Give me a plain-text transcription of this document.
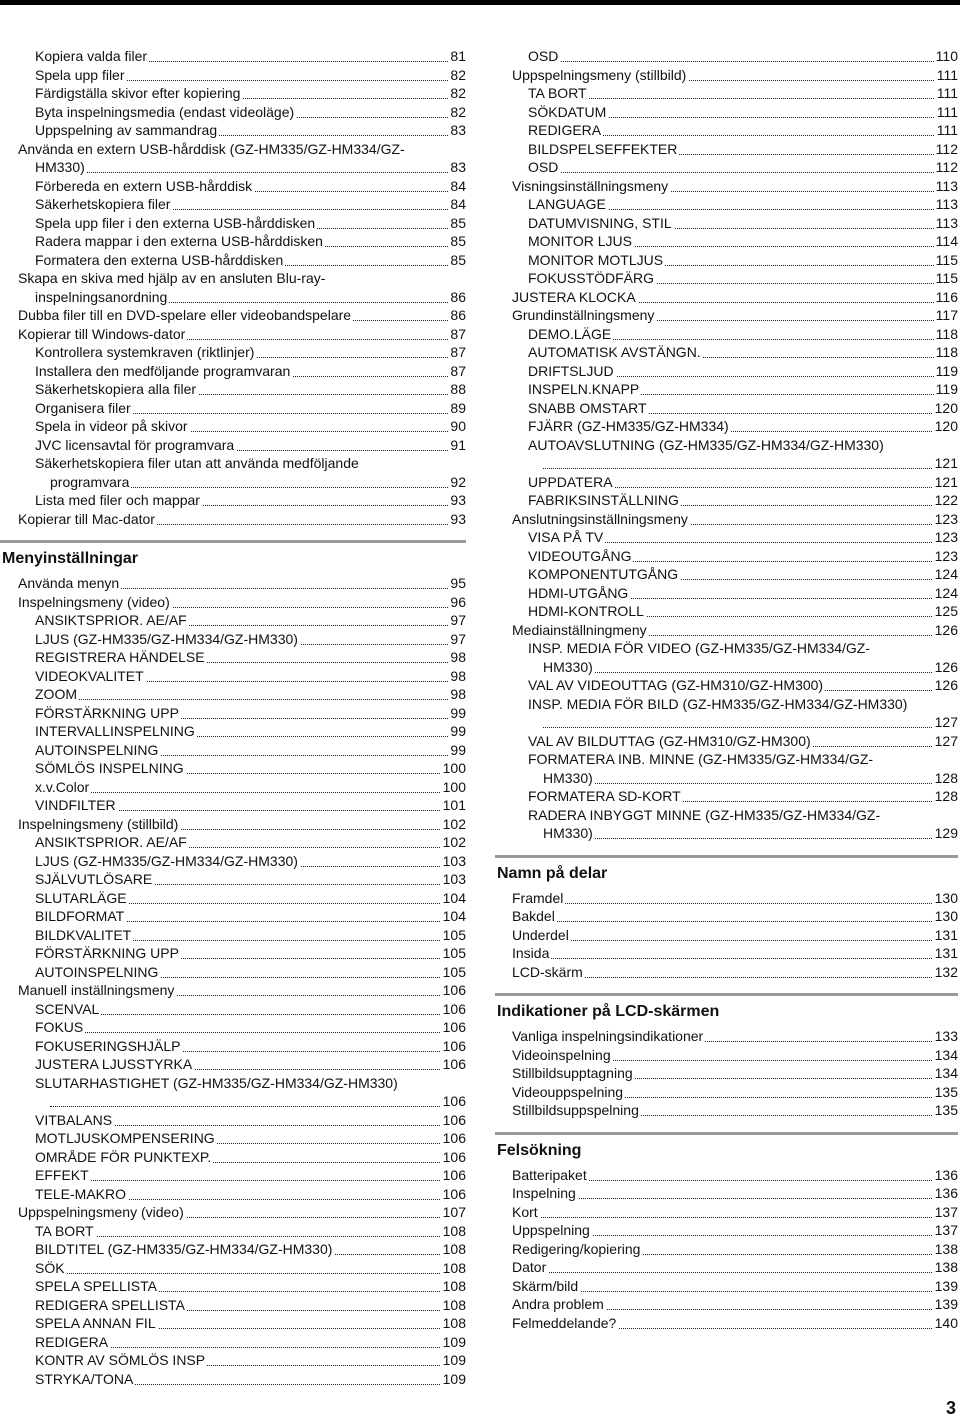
Kopiera valda filer	81
Spela upp filer	82
Färdigställa skivor efter kopiering	82
Byta inspelningsmedia (endast videoläge)	82
Uppspelning av sammandrag	83
Använda en extern USB-hårddisk (GZ-HM335/GZ-HM334/GZ-
HM330)	83
Förbereda en extern USB-hårddisk	84
Säkerhetskopiera filer	84
Spela upp filer i den externa USB-hårddisken	85
Radera mappar i den externa USB-hårddisken	85
Formatera den externa USB-hårddisken	85
Skapa en skiva med hjälp av en ansluten Blu-ray-
inspelningsanordning	86
Dubba filer till en DVD-spelare eller videobandspelare	86
Kopierar till Windows-dator	87
Kontrollera systemkraven (riktlinjer)	87
Installera den medföljande programvaran	87
Säkerhetskopiera alla filer	88
Organisera filer	89
Spela in videor på skivor	90
JVC licensavtal för programvara	91
Säkerhetskopiera filer utan att använda medföljande
programvara	92
Lista med filer och mappar	93
Kopierar till Mac-dator	93
Menyinställningar
Använda menyn	95
Inspelningsmeny (video)	96
ANSIKTSPRIOR. AE/AF	97
LJUS (GZ-HM335/GZ-HM334/GZ-HM330)	97
REGISTRERA HÄNDELSE	98
VIDEOKVALITET	98
ZOOM	98
FÖRSTÄRKNING UPP	99
INTERVALLINSPELNING	99
AUTOINSPELNING	99
SÖMLÖS INSPELNING	100
x.v.Color	100
VINDFILTER	101
Inspelningsmeny (stillbild)	102
ANSIKTSPRIOR. AE/AF	102
LJUS (GZ-HM335/GZ-HM334/GZ-HM330)	103
SJÄLVUTLÖSARE	103
SLUTARLÄGE	104
BILDFORMAT	104
BILDKVALITET	105
FÖRSTÄRKNING UPP	105
AUTOINSPELNING	105
Manuell inställningsmeny	106
SCENVAL	106
FOKUS	106
FOKUSERINGSHJÄLP	106
JUSTERA LJUSSTYRKA	106
SLUTARHASTIGHET (GZ-HM335/GZ-HM334/GZ-HM330)
106
VITBALANS	106
MOTLJUSKOMPENSERING	106
OMRÅDE FÖR PUNKTEXP.	106
EFFEKT	106
TELE-MAKRO	106
Uppspelningsmeny (video)	107
TA BORT	108
BILDTITEL (GZ-HM335/GZ-HM334/GZ-HM330)	108
SÖK	108
SPELA SPELLISTA	108
REDIGERA SPELLISTA	108
SPELA ANNAN FIL	108
REDIGERA	109
KONTR AV SÖMLÖS INSP	109
STRYKA/TONA	109
OSD	110
Uppspelningsmeny (stillbild)	111
TA BORT	111
SÖKDATUM	111
REDIGERA	111
BILDSPELSEFFEKTER	112
OSD	112
Visningsinställningsmeny	113
LANGUAGE	113
DATUMVISNING, STIL	113
MONITOR LJUS	114
MONITOR MOTLJUS	115
FOKUSSTÖDFÄRG	115
JUSTERA KLOCKA	116
Grundinställningsmeny	117
DEMO.LÄGE	118
AUTOMATISK AVSTÄNGN.	118
DRIFTSLJUD	119
INSPELN.KNAPP	119
SNABB OMSTART	120
FJÄRR (GZ-HM335/GZ-HM334)	120
AUTOAVSLUTNING (GZ-HM335/GZ-HM334/GZ-HM330)
121
UPPDATERA	121
FABRIKSINSTÄLLNING	122
Anslutningsinställningsmeny	123
VISA PÅ TV	123
VIDEOUTGÅNG	123
KOMPONENTUTGÅNG	124
HDMI-UTGÅNG	124
HDMI-KONTROLL	125
Mediainställningmeny	126
INSP. MEDIA FÖR VIDEO (GZ-HM335/GZ-HM334/GZ-
HM330)	126
VAL AV VIDEOUTTAG (GZ-HM310/GZ-HM300)	126
INSP. MEDIA FÖR BILD (GZ-HM335/GZ-HM334/GZ-HM330)
127
VAL AV BILDUTTAG (GZ-HM310/GZ-HM300)	127
FORMATERA INB. MINNE (GZ-HM335/GZ-HM334/GZ-
HM330)	128
FORMATERA SD-KORT	128
RADERA INBYGGT MINNE (GZ-HM335/GZ-HM334/GZ-
HM330)	129
Namn på delar
Framdel	130
Bakdel	130
Underdel	131
Insida	131
LCD-skärm	132
Indikationer på LCD-skärmen
Vanliga inspelningsindikationer	133
Videoinspelning	134
Stillbildsupptagning	134
Videouppspelning	135
Stillbildsuppspelning	135
Felsökning
Batteripaket	136
Inspelning	136
Kort	137
Uppspelning	137
Redigering/kopiering	138
Dator	138
Skärm/bild	139
Andra problem	139
Felmeddelande?	140
3
